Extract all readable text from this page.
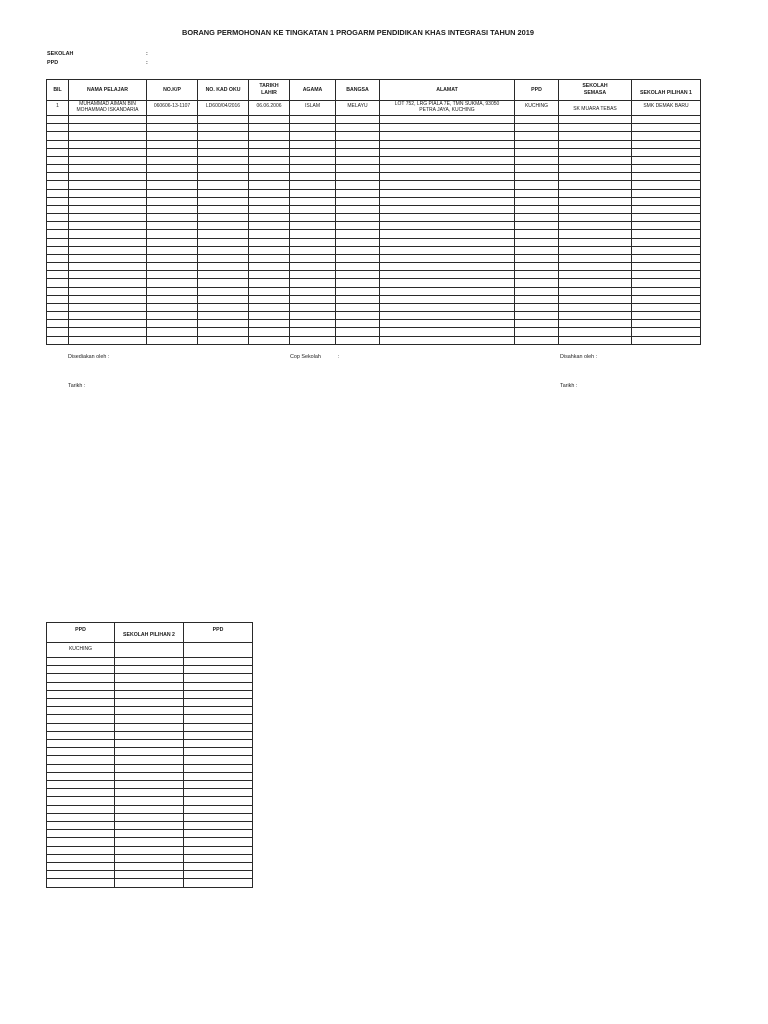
BORANG PERMOHONAN KE TINGKATAN 1 PROGARM PENDIDIKAN KHAS INTEGRASI TAHUN 2019
SEKOLAH	:
PPD	:
BIL	NAMA PELAJAR	NO.K/P	NO. KAD OKU	TARIKH LAHIR	AGAMA	BANGSA	ALAMAT	PPD	SEKOLAH SEMASA	SEKOLAH PILIHAN 1
1	MUHAMMAD AIMAN BIN MOHAMMAD ISKANDARIA	060606-13-1107	LD600/04/2016	06.06.2006	ISLAM	MELAYU	LOT 752, LRG PIALA 7E, TMN SUKMA, 93050 PETRA JAYA, KUCHING	KUCHING	SK MUARA TEBAS	SMK DEMAK BARU

Disediakan oleh :	Cop Sekolah	:	Disahkan oleh :
Tarikh :	Tarikh :
PPD	SEKOLAH PILIHAN 2	PPD
KUCHING		
